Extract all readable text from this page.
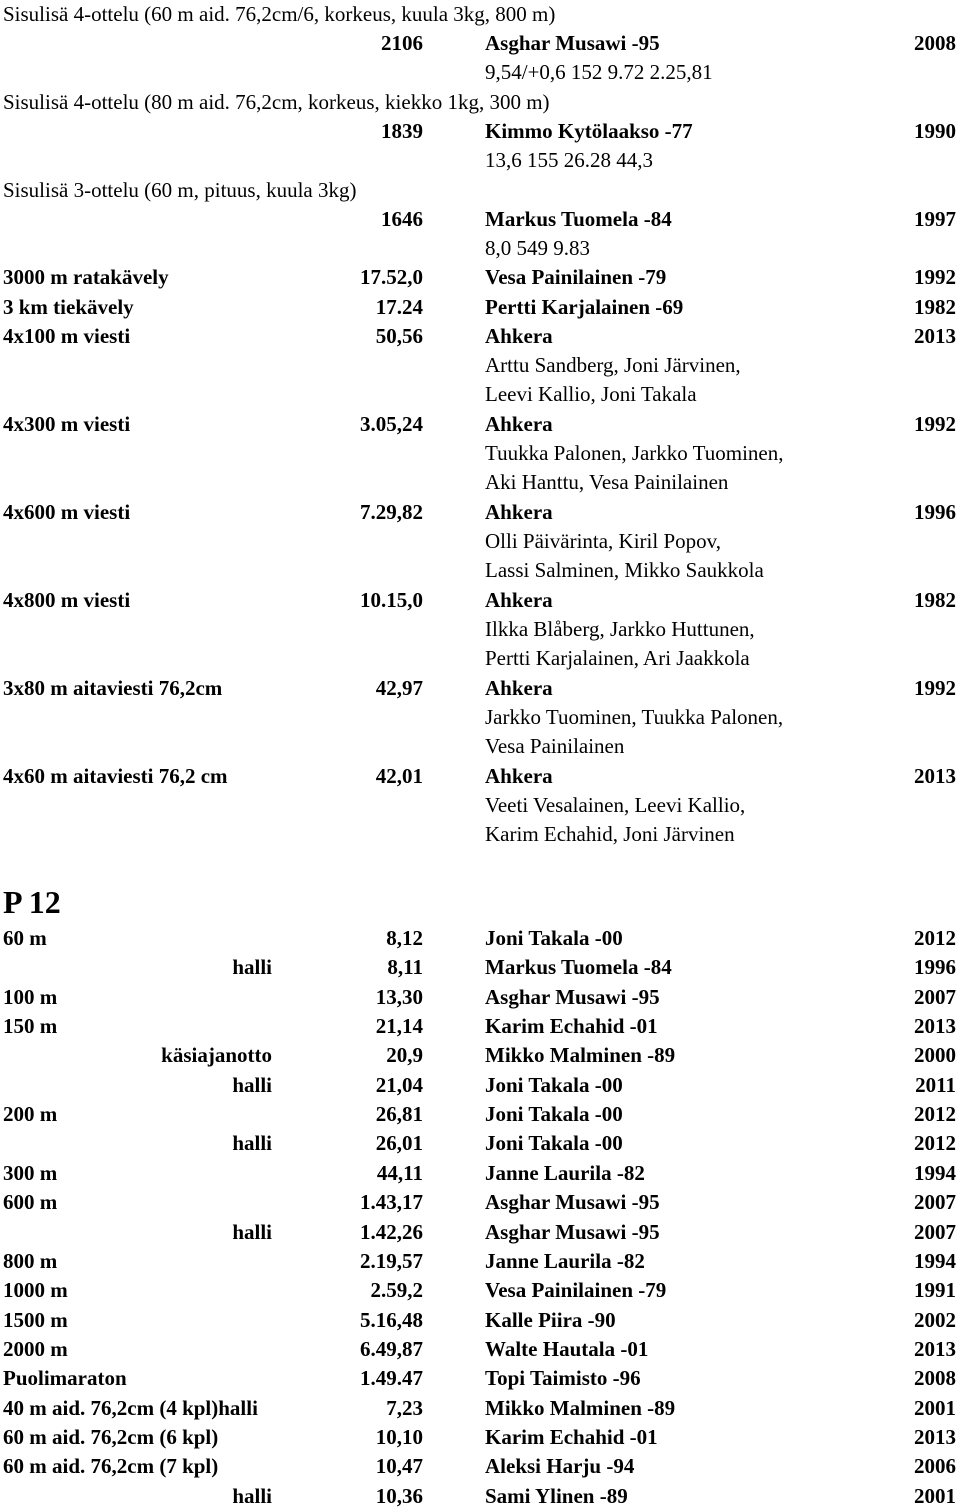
Sisulisä 4-ottelu (60 m aid. 76,2cm/6, korkeus, kuula 3kg, 800 m)
2106	Asghar Musawi -95	2008
9,54/+0,6 152 9.72 2.25,81
Sisulisä 4-ottelu (80 m aid. 76,2cm, korkeus, kiekko 1kg, 300 m)
1839	Kimmo Kytölaakso -77	1990
13,6 155 26.28 44,3
Sisulisä 3-ottelu (60 m, pituus, kuula 3kg)
1646	Markus Tuomela -84	1997
8,0 549 9.83
3000 m ratakävely	17.52,0	Vesa Painilainen -79	1992
3 km tiekävely	17.24	Pertti Karjalainen -69	1982
4x100 m viesti	50,56	Ahkera	2013
Arttu Sandberg, Joni Järvinen,
Leevi Kallio, Joni Takala
4x300 m viesti	3.05,24	Ahkera	1992
Tuukka Palonen, Jarkko Tuominen,
Aki Hanttu, Vesa Painilainen
4x600 m viesti	7.29,82	Ahkera	1996
Olli Päivärinta, Kiril Popov,
Lassi Salminen, Mikko Saukkola
4x800 m viesti	10.15,0	Ahkera	1982
Ilkka Blåberg, Jarkko Huttunen,
Pertti Karjalainen, Ari Jaakkola
3x80 m aitaviesti 76,2cm	42,97	Ahkera	1992
Jarkko Tuominen, Tuukka Palonen,
Vesa Painilainen
4x60 m aitaviesti 76,2 cm	42,01	Ahkera	2013
Veeti Vesalainen, Leevi Kallio,
Karim Echahid, Joni Järvinen
P 12
60 m	8,12	Joni Takala -00	2012
halli	8,11	Markus Tuomela -84	1996
100 m	13,30	Asghar Musawi -95	2007
150 m	21,14	Karim Echahid -01	2013
käsiajanotto	20,9	Mikko Malminen -89	2000
halli	21,04	Joni Takala -00	2011
200 m	26,81	Joni Takala -00	2012
halli	26,01	Joni Takala -00	2012
300 m	44,11	Janne Laurila -82	1994
600 m	1.43,17	Asghar Musawi -95	2007
halli	1.42,26	Asghar Musawi -95	2007
800 m	2.19,57	Janne Laurila -82	1994
1000 m	2.59,2	Vesa Painilainen -79	1991
1500 m	5.16,48	Kalle Piira -90	2002
2000 m	6.49,87	Walte Hautala -01	2013
Puolimaraton	1.49.47	Topi Taimisto -96	2008
40 m aid. 76,2cm (4 kpl)halli	7,23	Mikko Malminen -89	2001
60 m aid. 76,2cm (6 kpl)	10,10	Karim Echahid -01	2013
60 m aid. 76,2cm (7 kpl)	10,47	Aleksi Harju -94	2006
halli	10,36	Sami Ylinen -89	2001
